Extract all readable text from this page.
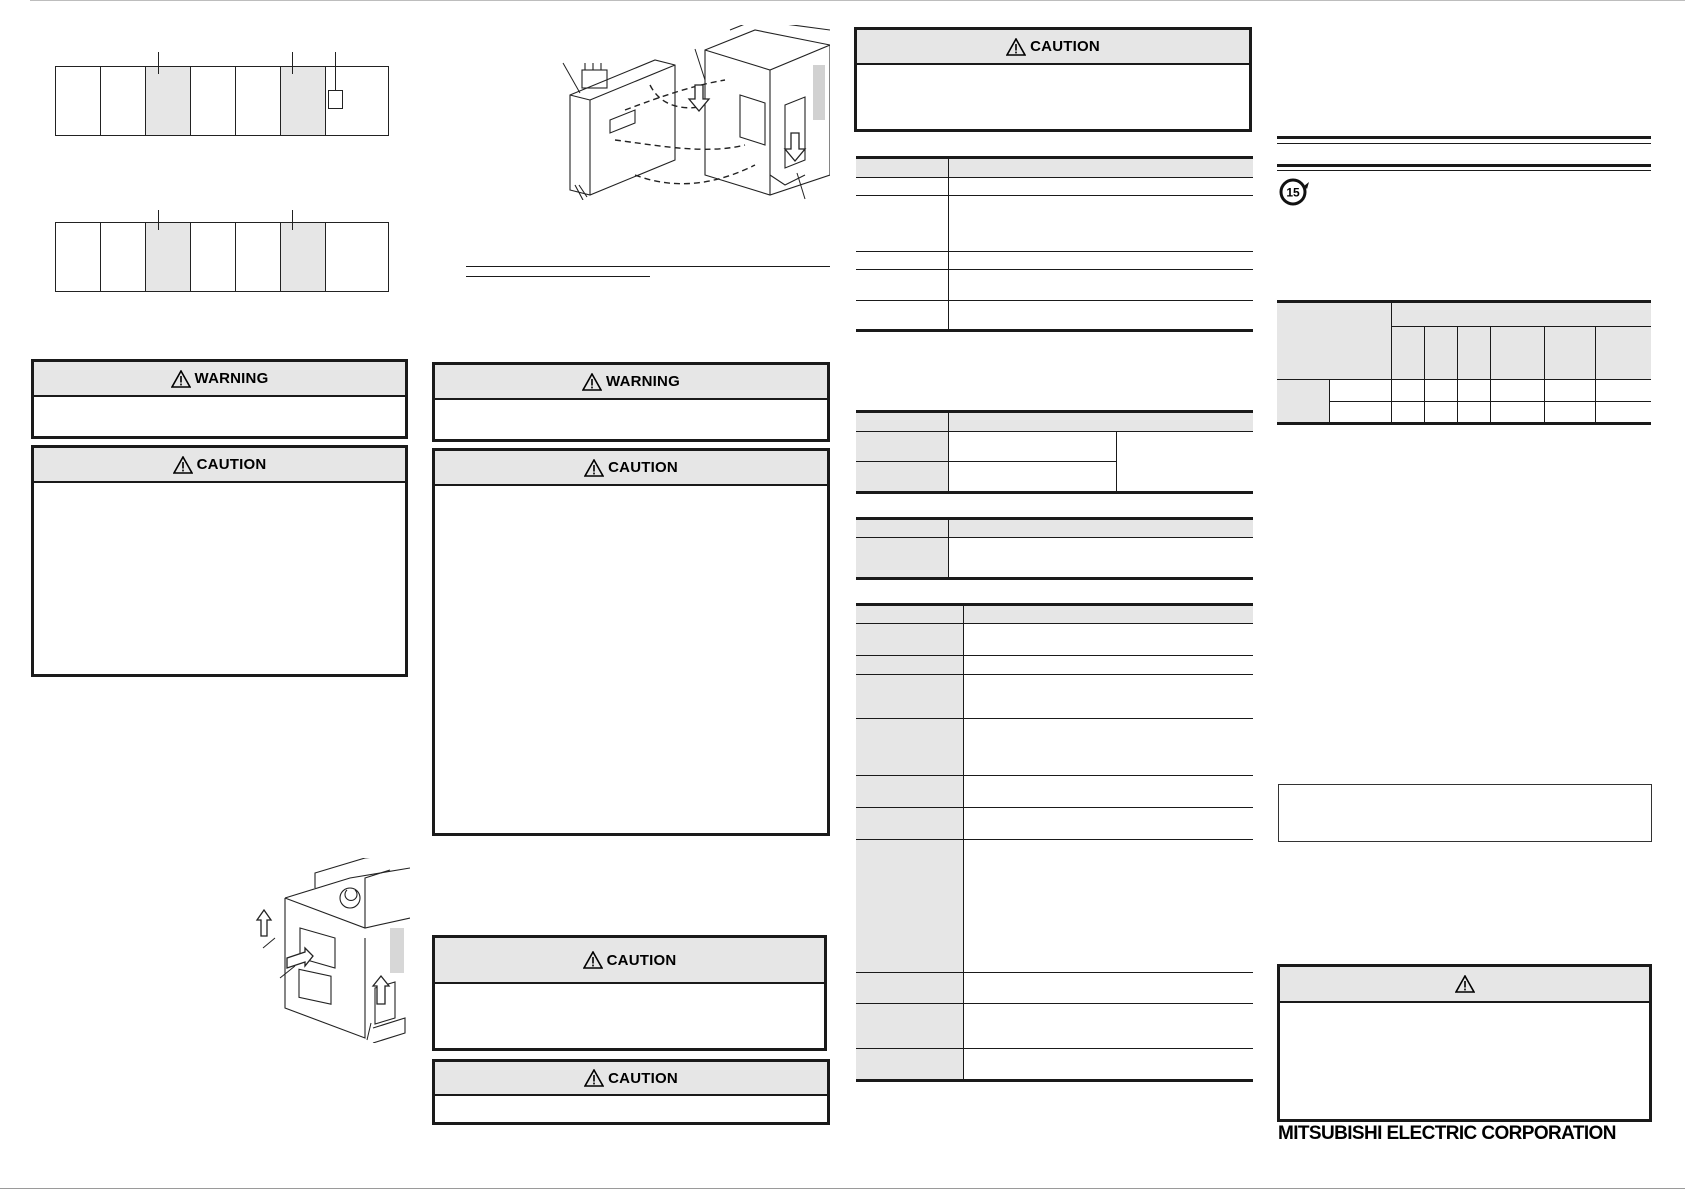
WARNING
CAUTION
WARNING
CAUTION
CAUTION
CAUTION
CAUTION
15
MITSUBISHI ELECTRIC CORPORATION
